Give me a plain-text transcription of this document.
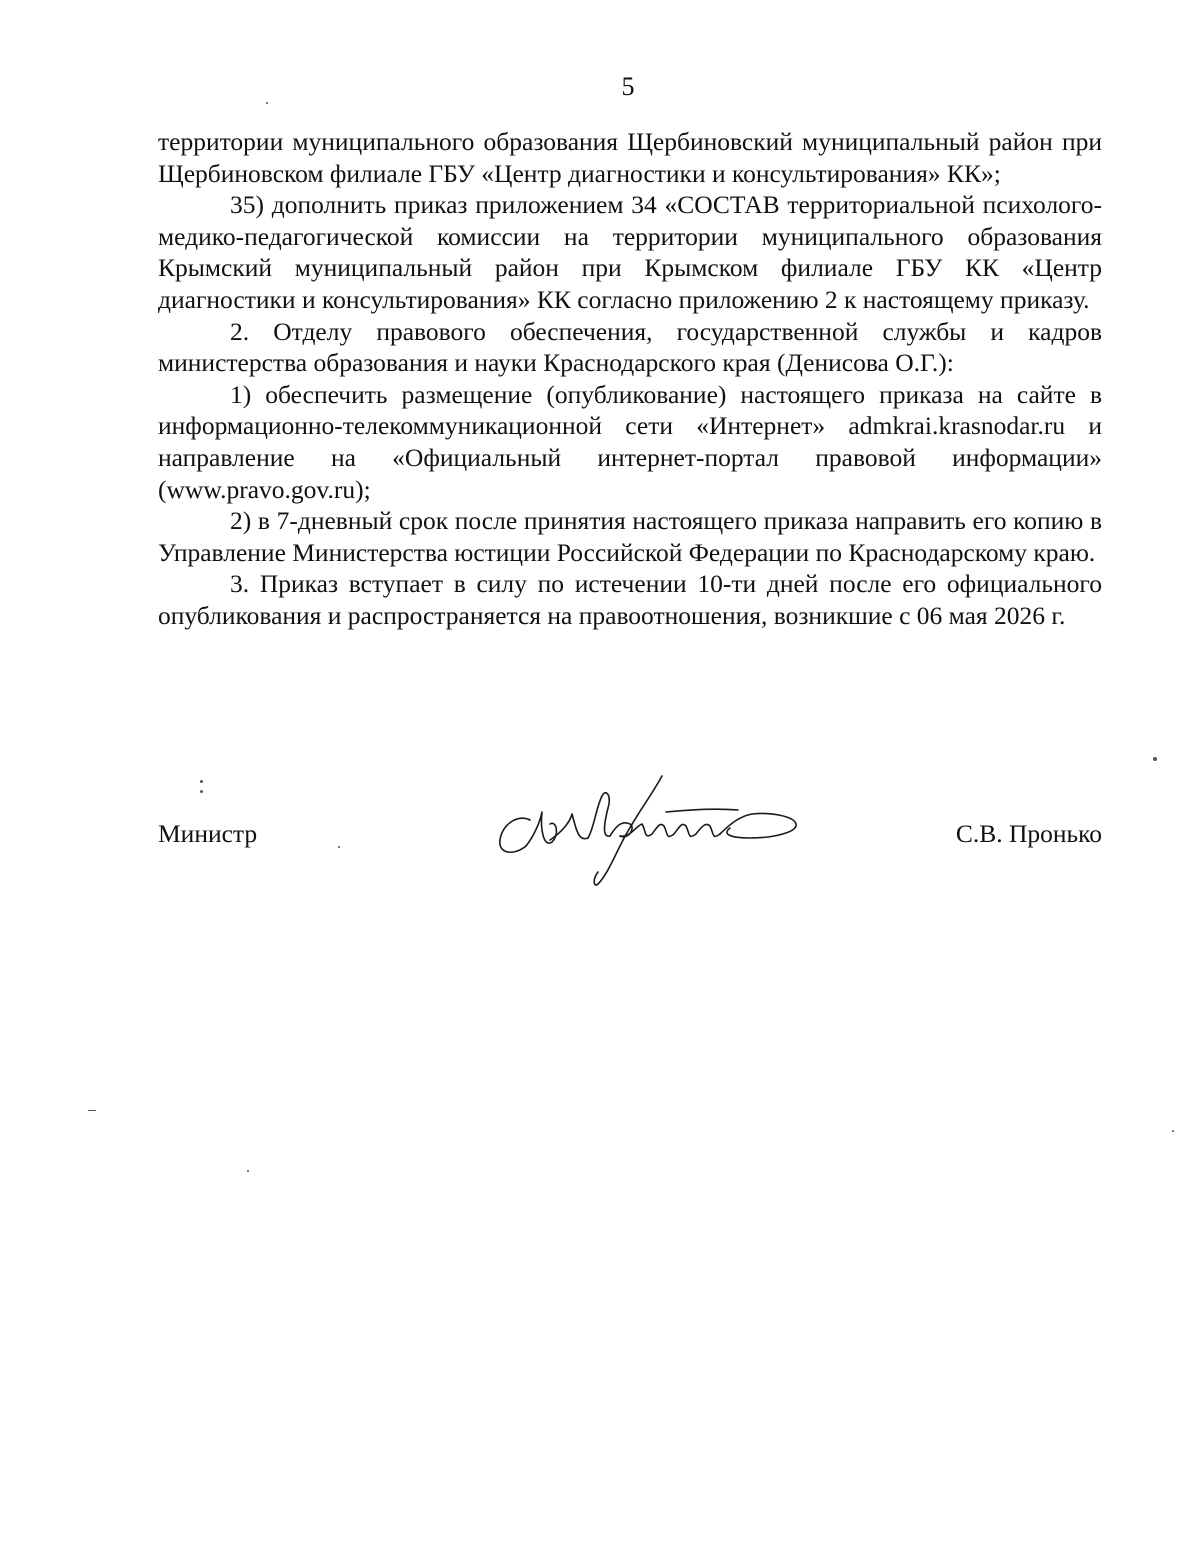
5

территории муниципального образования Щербиновский муниципальный район при Щербиновском филиале ГБУ «Центр диагностики и консультирования» КК»;

35) дополнить приказ приложением 34 «СОСТАВ территориальной психолого-медико-педагогической комиссии на территории муниципального образования Крымский муниципальный район при Крымском филиале ГБУ КК «Центр диагностики и консультирования» КК согласно приложению 2 к настоящему приказу.

2. Отделу правового обеспечения, государственной службы и кадров министерства образования и науки Краснодарского края (Денисова О.Г.):

1) обеспечить размещение (опубликование) настоящего приказа на сайте в информационно-телекоммуникационной сети «Интернет» admkrai.krasnodar.ru и направление на «Официальный интернет-портал правовой информации» (www.pravo.gov.ru);

2) в 7-дневный срок после принятия настоящего приказа направить его копию в Управление Министерства юстиции Российской Федерации по Краснодарскому краю.

3. Приказ вступает в силу по истечении 10-ти дней после его официального опубликования и распространяется на правоотношения, возникшие с 06 мая 2026 г.

Министр	С.В. Пронько
